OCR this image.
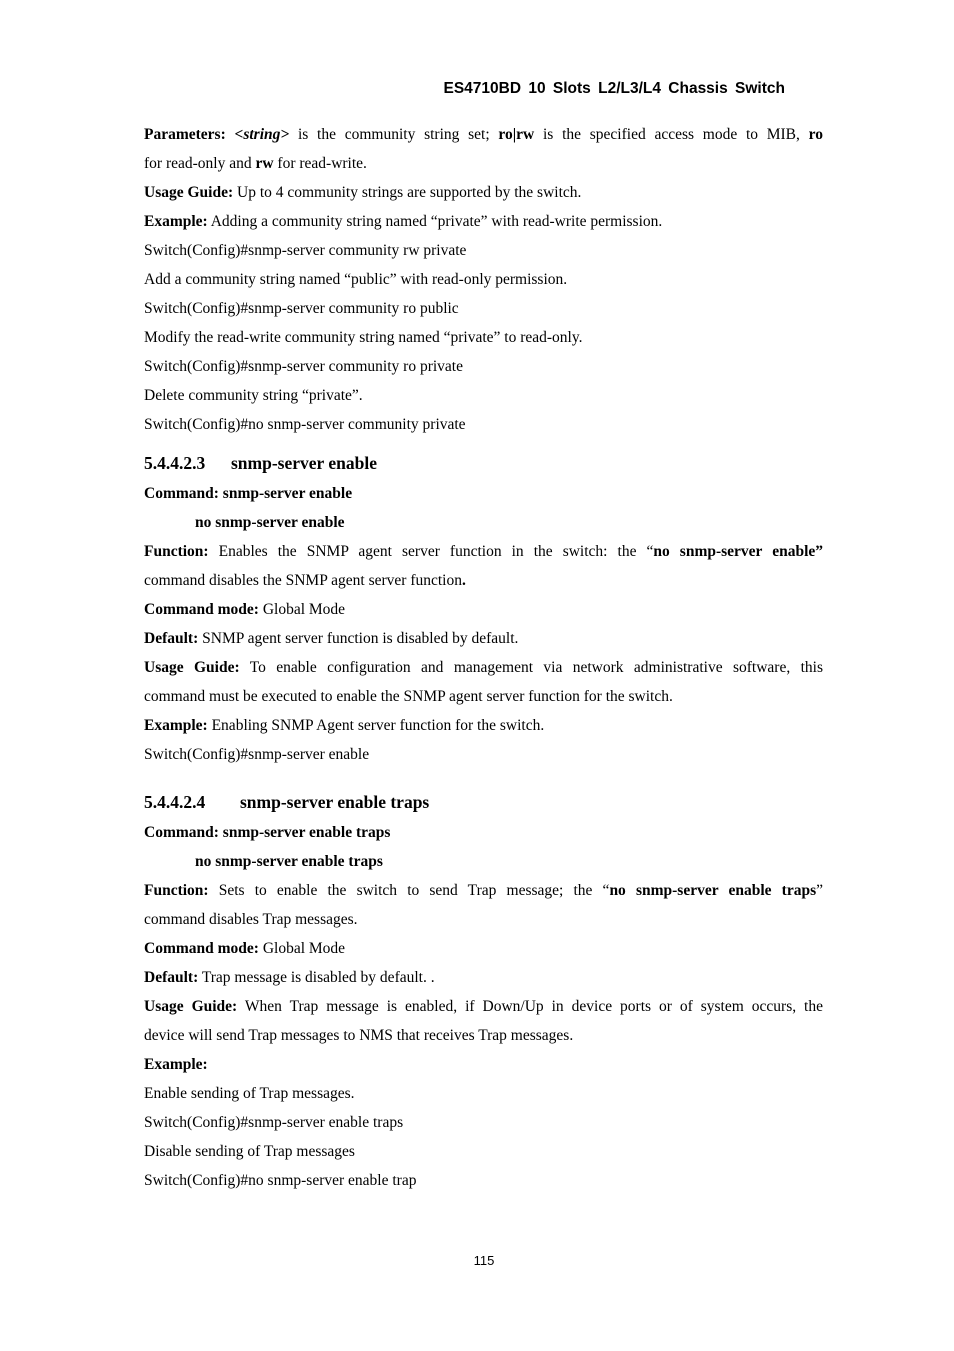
ES4710BD 10 Slots L2/L3/L4 Chassis Switch
Parameters: <string> is the community string set; ro|rw is the specified access mode to MIB, ro
for read-only and rw for read-write.
Usage Guide: Up to 4 community strings are supported by the switch.
Example: Adding a community string named “private” with read-write permission.
Switch(Config)#snmp-server community rw private
Add a community string named “public” with read-only permission.
Switch(Config)#snmp-server community ro public
Modify the read-write community string named “private” to read-only.
Switch(Config)#snmp-server community ro private
Delete community string “private”.
Switch(Config)#no snmp-server community private
5.4.4.2.3 snmp-server enable
Command: snmp-server enable
no snmp-server enable
Function: Enables the SNMP agent server function in the switch: the “no snmp-server enable”
command disables the SNMP agent server function.
Command mode: Global Mode
Default: SNMP agent server function is disabled by default.
Usage Guide: To enable configuration and management via network administrative software, this
command must be executed to enable the SNMP agent server function for the switch.
Example: Enabling SNMP Agent server function for the switch.
Switch(Config)#snmp-server enable
5.4.4.2.4 snmp-server enable traps
Command: snmp-server enable traps
no snmp-server enable traps
Function: Sets to enable the switch to send Trap message; the “no snmp-server enable traps”
command disables Trap messages.
Command mode: Global Mode
Default: Trap message is disabled by default. .
Usage Guide: When Trap message is enabled, if Down/Up in device ports or of system occurs, the
device will send Trap messages to NMS that receives Trap messages.
Example:
Enable sending of Trap messages.
Switch(Config)#snmp-server enable traps
Disable sending of Trap messages
Switch(Config)#no snmp-server enable trap
115
